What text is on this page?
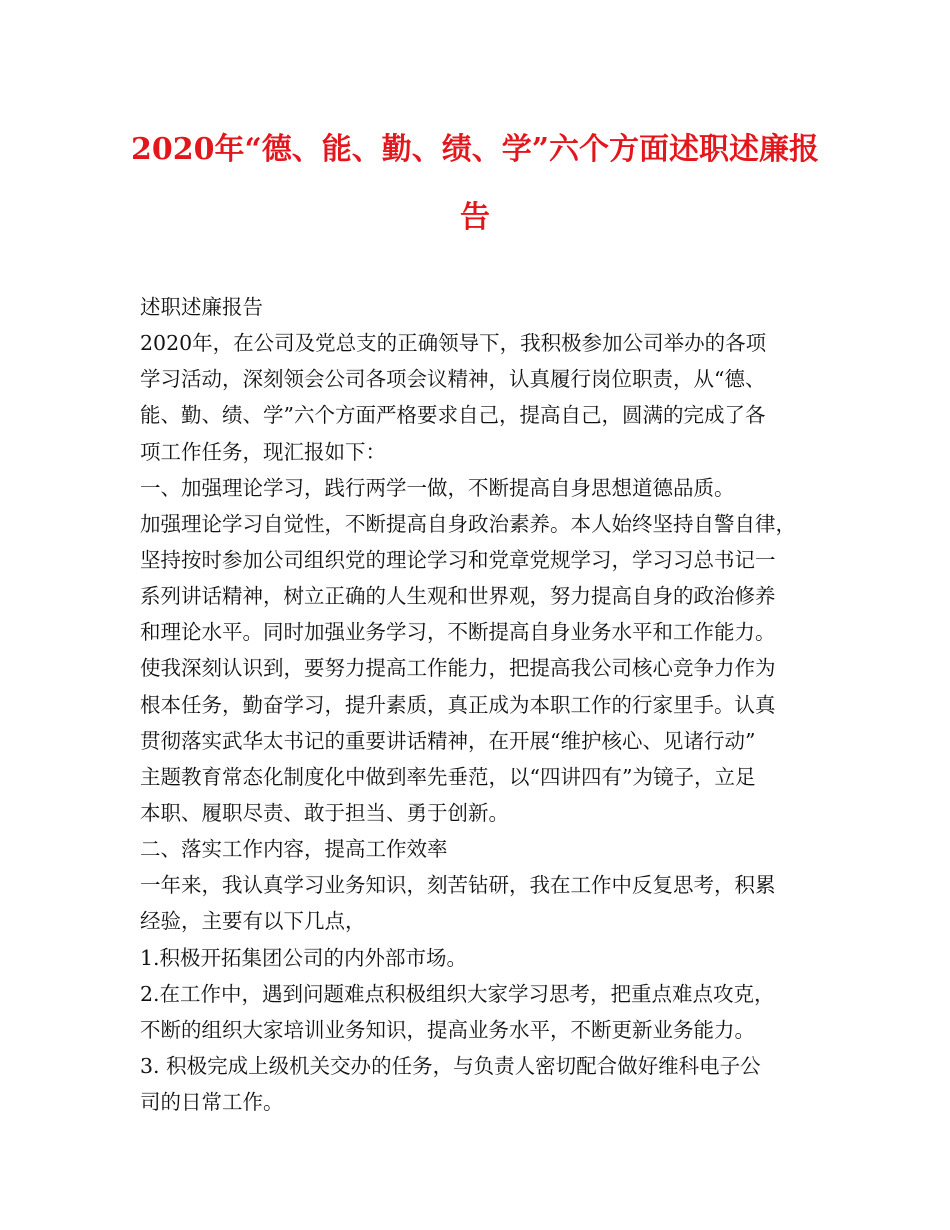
2020年“德、能、勤、绩、学”六个方面述职述廉报
告
述职述廉报告
2020年，在公司及党总支的正确领导下，我积极参加公司举办的各项
学习活动，深刻领会公司各项会议精神，认真履行岗位职责，从“德、
能、勤、绩、学”六个方面严格要求自己，提高自己，圆满的完成了各
项工作任务，现汇报如下：
一、加强理论学习，践行两学一做，不断提高自身思想道德品质。
加强理论学习自觉性，不断提高自身政治素养。本人始终坚持自警自律，
坚持按时参加公司组织党的理论学习和党章党规学习，学习习总书记一
系列讲话精神，树立正确的人生观和世界观，努力提高自身的政治修养
和理论水平。同时加强业务学习，不断提高自身业务水平和工作能力。
使我深刻认识到，要努力提高工作能力，把提高我公司核心竞争力作为
根本任务，勤奋学习，提升素质，真正成为本职工作的行家里手。认真
贯彻落实武华太书记的重要讲话精神，在开展“维护核心、见诸行动”
主题教育常态化制度化中做到率先垂范，以“四讲四有”为镜子，立足
本职、履职尽责、敢于担当、勇于创新。
二、落实工作内容，提高工作效率
一年来，我认真学习业务知识，刻苦钻研，我在工作中反复思考，积累
经验，主要有以下几点，
1.积极开拓集团公司的内外部市场。
2.在工作中，遇到问题难点积极组织大家学习思考，把重点难点攻克，
不断的组织大家培训业务知识，提高业务水平，不断更新业务能力。
3. 积极完成上级机关交办的任务，与负责人密切配合做好维科电子公
司的日常工作。
